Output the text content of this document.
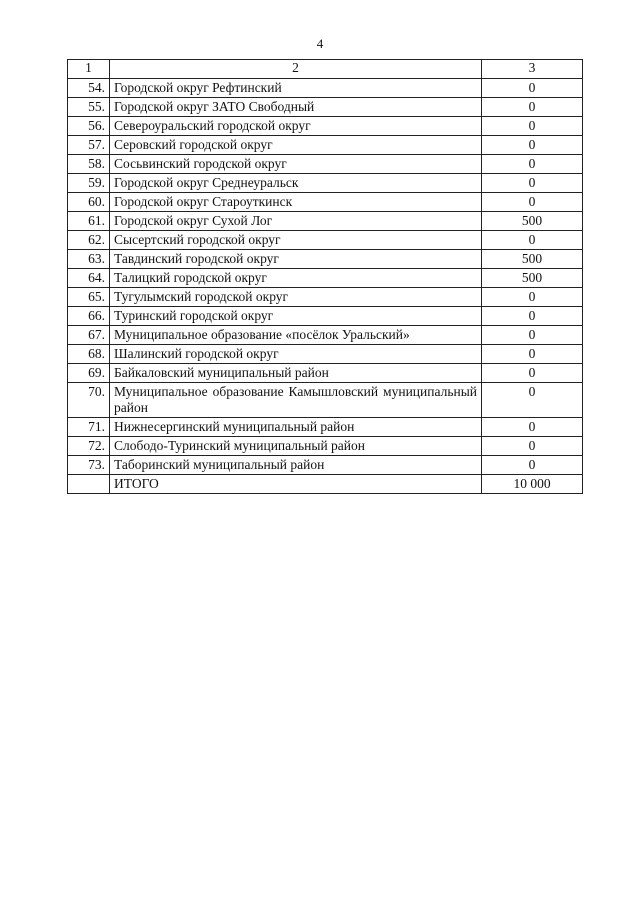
4
1	2	3
54.	Городской округ Рефтинский	0
55.	Городской округ ЗАТО Свободный	0
56.	Североуральский городской округ	0
57.	Серовский городской округ	0
58.	Сосьвинский городской округ	0
59.	Городской округ Среднеуральск	0
60.	Городской округ Староуткинск	0
61.	Городской округ Сухой Лог	500
62.	Сысертский городской округ	0
63.	Тавдинский городской округ	500
64.	Талицкий городской округ	500
65.	Тугулымский городской округ	0
66.	Туринский городской округ	0
67.	Муниципальное образование «посёлок Уральский»	0
68.	Шалинский городской округ	0
69.	Байкаловский муниципальный район	0
70.	Муниципальное образование Камышловский муниципальный район	0
71.	Нижнесергинский муниципальный район	0
72.	Слободо-Туринский муниципальный район	0
73.	Таборинский муниципальный район	0
	ИТОГО	10 000
